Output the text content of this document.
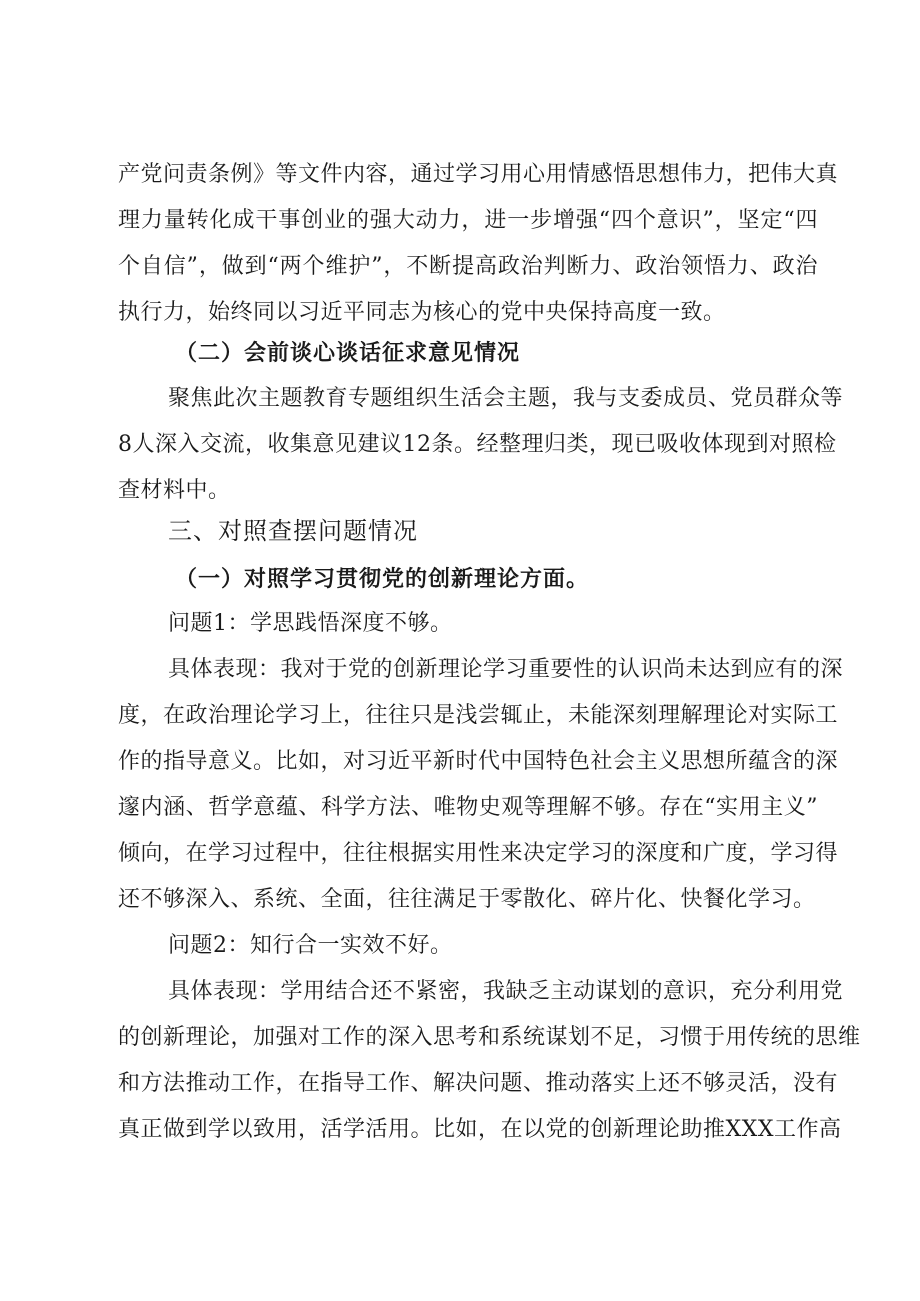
产党问责条例》等文件内容，通过学习用心用情感悟思想伟力，把伟大真
理力量转化成干事创业的强大动力，进一步增强“四个意识”，坚定“四
个自信”，做到“两个维护”，不断提高政治判断力、政治领悟力、政治
执行力，始终同以习近平同志为核心的党中央保持高度一致。
（二）会前谈心谈话征求意见情况
聚焦此次主题教育专题组织生活会主题，我与支委成员、党员群众等
8人深入交流，收集意见建议12条。经整理归类，现已吸收体现到对照检
查材料中。
三、对照查摆问题情况
（一）对照学习贯彻党的创新理论方面。
问题1：学思践悟深度不够。
具体表现：我对于党的创新理论学习重要性的认识尚未达到应有的深
度，在政治理论学习上，往往只是浅尝辄止，未能深刻理解理论对实际工
作的指导意义。比如，对习近平新时代中国特色社会主义思想所蕴含的深
邃内涵、哲学意蕴、科学方法、唯物史观等理解不够。存在“实用主义”
倾向，在学习过程中，往往根据实用性来决定学习的深度和广度，学习得
还不够深入、系统、全面，往往满足于零散化、碎片化、快餐化学习。
问题2：知行合一实效不好。
具体表现：学用结合还不紧密，我缺乏主动谋划的意识，充分利用党
的创新理论，加强对工作的深入思考和系统谋划不足，习惯于用传统的思维
和方法推动工作，在指导工作、解决问题、推动落实上还不够灵活，没有
真正做到学以致用，活学活用。比如，在以党的创新理论助推XXX工作高
